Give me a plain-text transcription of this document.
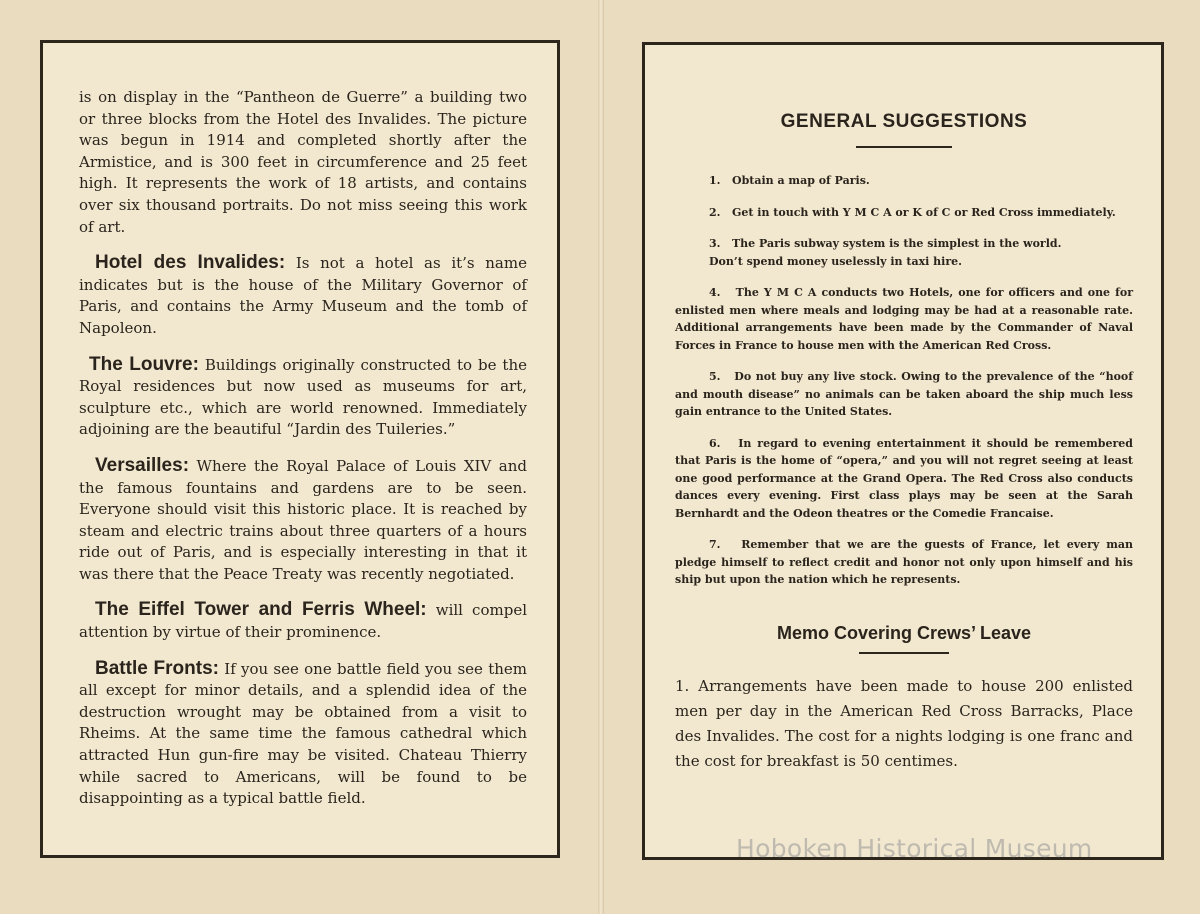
is on display in the “Pantheon de Guerre” a building two or three blocks from the Hotel des Invalides. The picture was begun in 1914 and completed shortly after the Armistice, and is 300 feet in circumference and 25 feet high. It represents the work of 18 artists, and contains over six thousand portraits. Do not miss seeing this work of art.

Hotel des Invalides: Is not a hotel as it’s name indicates but is the house of the Military Governor of Paris, and contains the Army Museum and the tomb of Napoleon.

The Louvre: Buildings originally constructed to be the Royal residences but now used as museums for art, sculpture etc., which are world renowned. Immediately adjoining are the beautiful “Jardin des Tuileries.”

Versailles: Where the Royal Palace of Louis XIV and the famous fountains and gardens are to be seen. Everyone should visit this historic place. It is reached by steam and electric trains about three quarters of a hours ride out of Paris, and is especially interesting in that it was there that the Peace Treaty was recently negotiated.

The Eiffel Tower and Ferris Wheel: will compel attention by virtue of their prominence.

Battle Fronts: If you see one battle field you see them all except for minor details, and a splendid idea of the destruction wrought may be obtained from a visit to Rheims. At the same time the famous cathedral which attracted Hun gun-fire may be visited. Chateau Thierry while sacred to Americans, will be found to be disappointing as a typical battle field.

GENERAL SUGGESTIONS

1. Obtain a map of Paris.

2. Get in touch with Y M C A or K of C or Red Cross immediately.

3. The Paris subway system is the simplest in the world.
Don’t spend money uselessly in taxi hire.

4. The Y M C A conducts two Hotels, one for officers and one for enlisted men where meals and lodging may be had at a reasonable rate. Additional arrangements have been made by the Commander of Naval Forces in France to house men with the American Red Cross.

5. Do not buy any live stock. Owing to the prevalence of the “hoof and mouth disease” no animals can be taken aboard the ship much less gain entrance to the United States.

6. In regard to evening entertainment it should be remembered that Paris is the home of “opera,” and you will not regret seeing at least one good performance at the Grand Opera. The Red Cross also conducts dances every evening. First class plays may be seen at the Sarah Bernhardt and the Odeon theatres or the Comedie Francaise.

7. Remember that we are the guests of France, let every man pledge himself to reflect credit and honor not only upon himself and his ship but upon the nation which he represents.

Memo Covering Crews’ Leave

1. Arrangements have been made to house 200 enlisted men per day in the American Red Cross Barracks, Place des Invalides. The cost for a nights lodging is one franc and the cost for breakfast is 50 centimes.

Hoboken Historical Museum
